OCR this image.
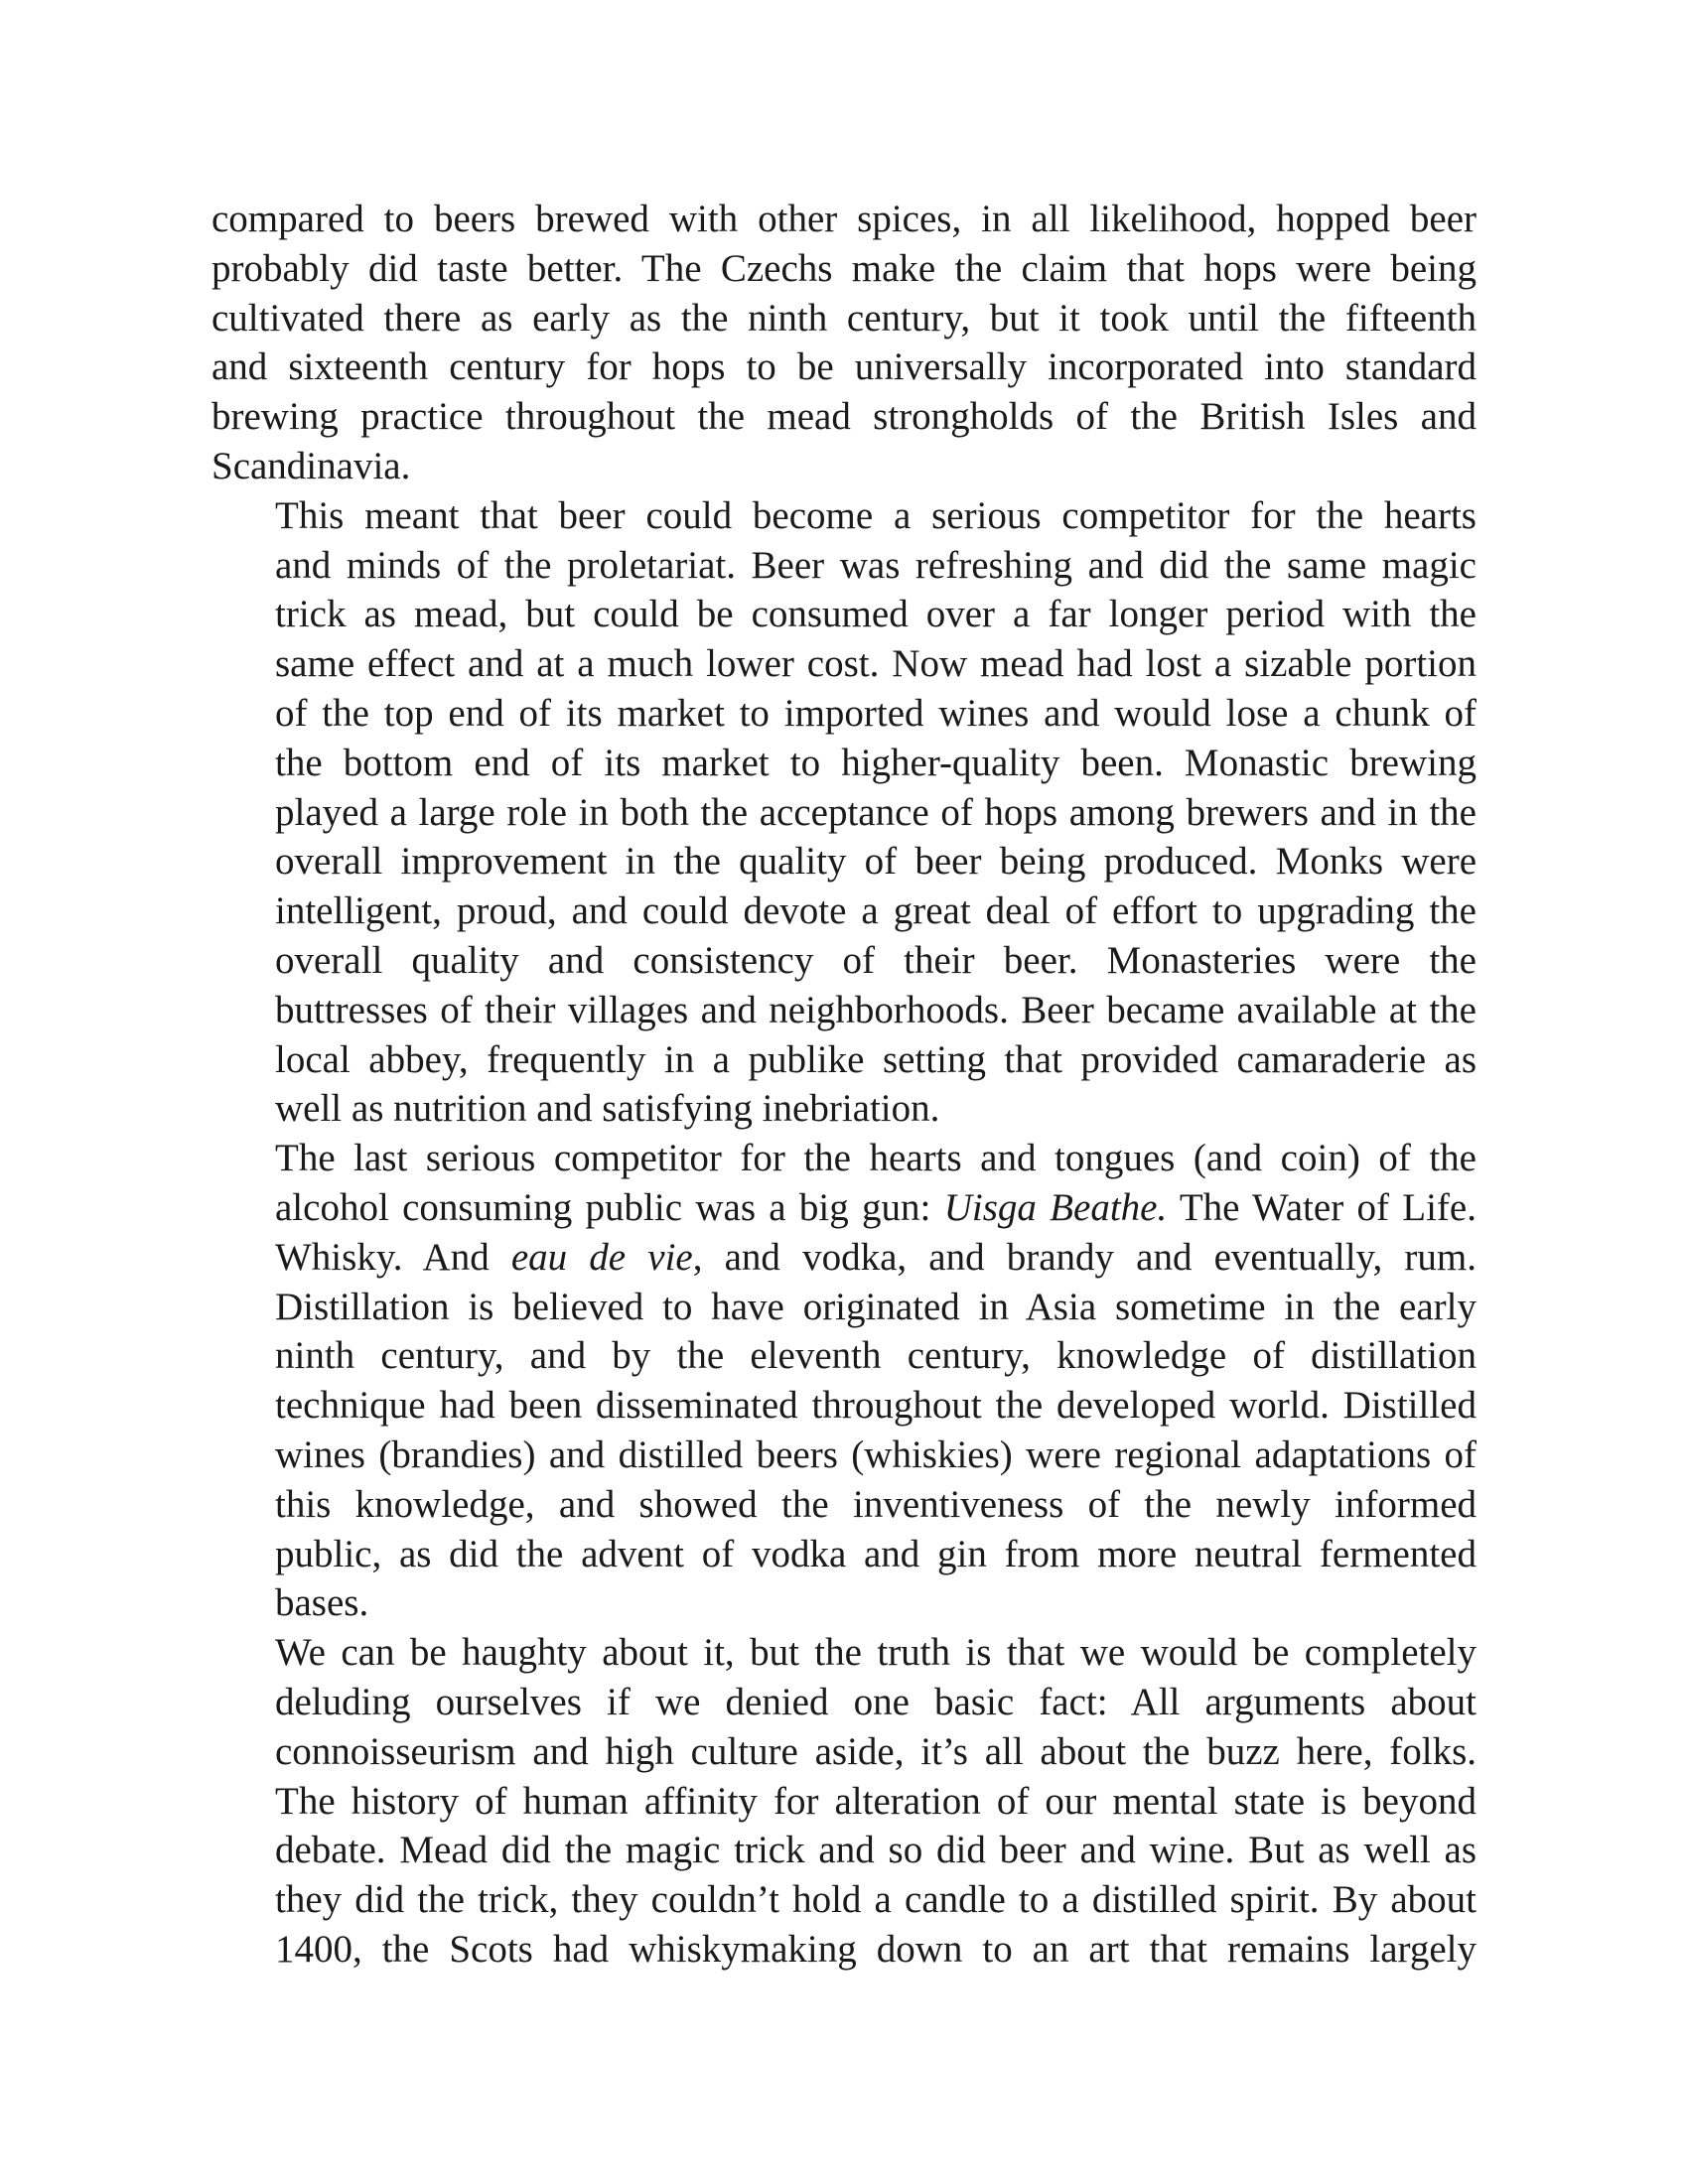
compared to beers brewed with other spices, in all likelihood, hopped beer
probably did taste better. The Czechs make the claim that hops were being
cultivated there as early as the ninth century, but it took until the fifteenth
and sixteenth century for hops to be universally incorporated into standard
brewing practice throughout the mead strongholds of the British Isles and
Scandinavia.

This meant that beer could become a serious competitor for the hearts
and minds of the proletariat. Beer was refreshing and did the same magic
trick as mead, but could be consumed over a far longer period with the
same effect and at a much lower cost. Now mead had lost a sizable portion
of the top end of its market to imported wines and would lose a chunk of
the bottom end of its market to higher-quality been. Monastic brewing
played a large role in both the acceptance of hops among brewers and in the
overall improvement in the quality of beer being produced. Monks were
intelligent, proud, and could devote a great deal of effort to upgrading the
overall quality and consistency of their beer. Monasteries were the
buttresses of their villages and neighborhoods. Beer became available at the
local abbey, frequently in a publike setting that provided camaraderie as
well as nutrition and satisfying inebriation.

The last serious competitor for the hearts and tongues (and coin) of the
alcohol consuming public was a big gun: Uisga Beathe. The Water of Life.
Whisky. And eau de vie, and vodka, and brandy and eventually, rum.
Distillation is believed to have originated in Asia sometime in the early
ninth century, and by the eleventh century, knowledge of distillation
technique had been disseminated throughout the developed world. Distilled
wines (brandies) and distilled beers (whiskies) were regional adaptations of
this knowledge, and showed the inventiveness of the newly informed
public, as did the advent of vodka and gin from more neutral fermented
bases.

We can be haughty about it, but the truth is that we would be completely
deluding ourselves if we denied one basic fact: All arguments about
connoisseurism and high culture aside, it’s all about the buzz here, folks.
The history of human affinity for alteration of our mental state is beyond
debate. Mead did the magic trick and so did beer and wine. But as well as
they did the trick, they couldn’t hold a candle to a distilled spirit. By about
1400, the Scots had whiskymaking down to an art that remains largely
